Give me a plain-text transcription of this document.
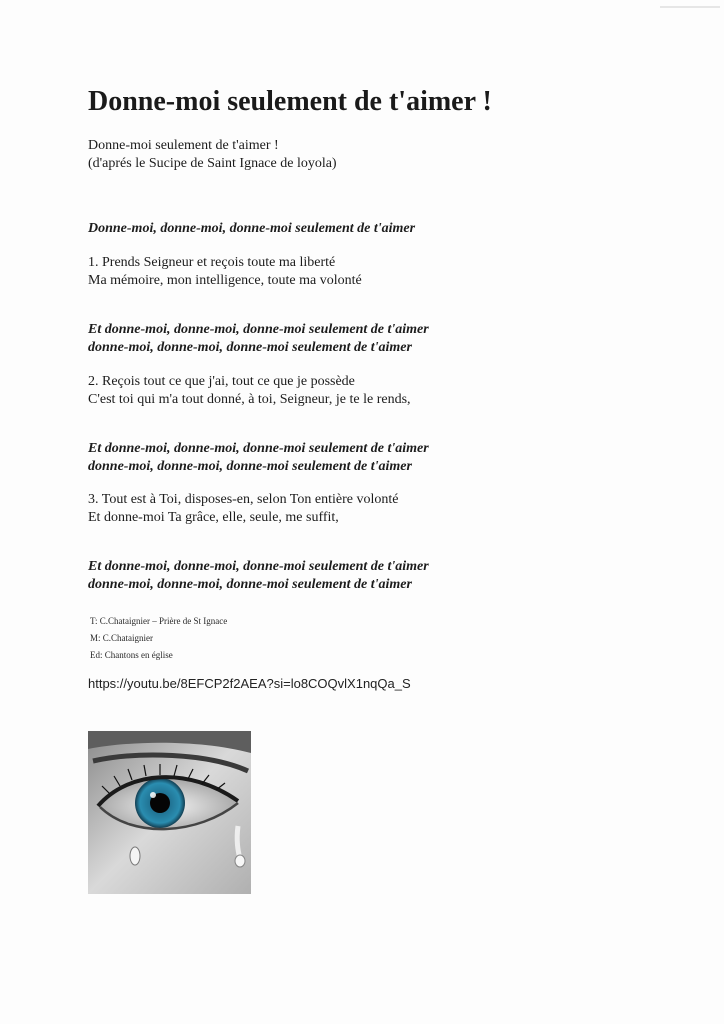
Donne-moi seulement de t'aimer !
Donne-moi seulement de t'aimer !
(d'aprés le Sucipe de Saint Ignace de loyola)
Donne-moi, donne-moi, donne-moi seulement de t'aimer
1. Prends Seigneur et reçois toute ma liberté
Ma mémoire, mon intelligence, toute ma volonté
Et donne-moi, donne-moi, donne-moi seulement de t'aimer
donne-moi, donne-moi, donne-moi seulement de t'aimer
2. Reçois tout ce que j'ai, tout ce que je possède
C'est toi qui m'a tout donné, à toi, Seigneur, je te le rends,
Et donne-moi, donne-moi, donne-moi seulement de t'aimer
donne-moi, donne-moi, donne-moi seulement de t'aimer
3. Tout est à Toi, disposes-en, selon Ton entière volonté
Et donne-moi Ta grâce, elle, seule, me suffit,
Et donne-moi, donne-moi, donne-moi seulement de t'aimer
donne-moi, donne-moi, donne-moi seulement de t'aimer
T: C.Chataignier – Prière de St Ignace
M: C.Chataignier
Ed: Chantons en église
https://youtu.be/8EFCP2f2AEA?si=lo8COQvlX1nqQa_S
